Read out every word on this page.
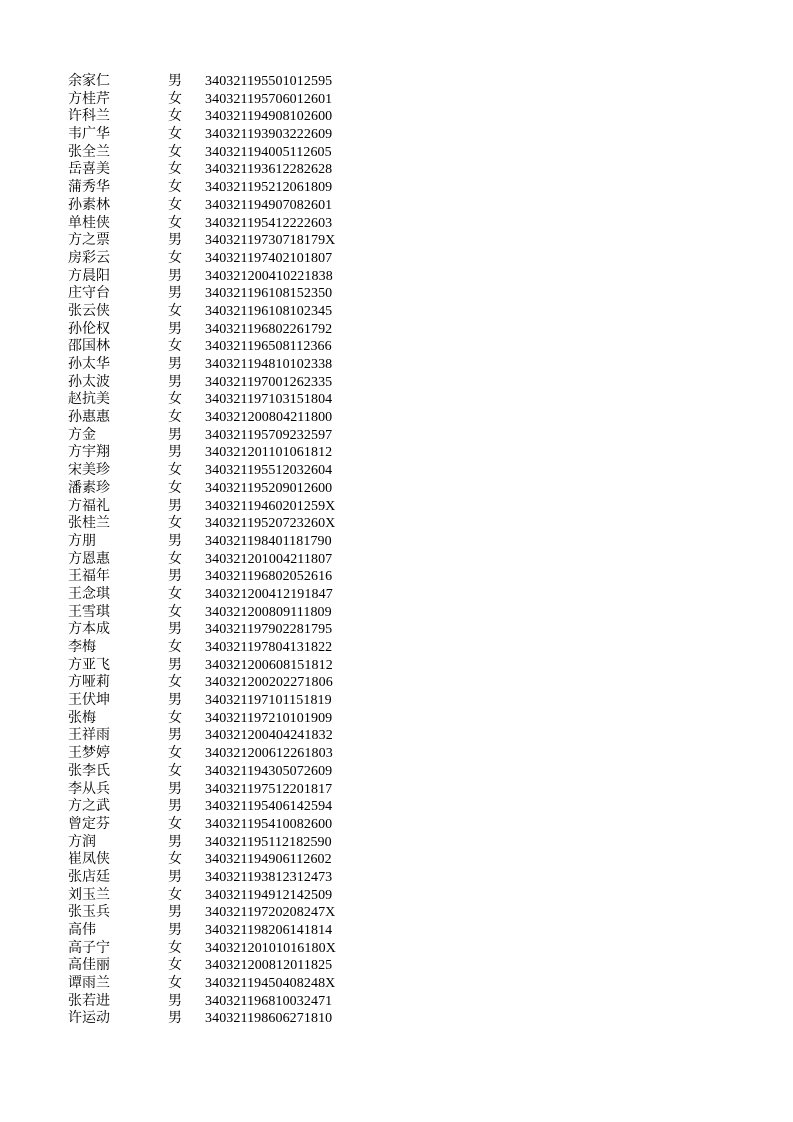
余家仁	男 340321195501012595
方桂芹	女 340321195706012601
许科兰	女 340321194908102600
韦广华	女 340321193903222609
张全兰	女 340321194005112605
岳喜美	女 340321193612282628
蒲秀华	女 340321195212061809
孙素林	女 340321194907082601
单桂侠	女 340321195412222603
方之票	男 34032119730718179X
房彩云	女 340321197402101807
方晨阳	男 340321200410221838
庄守台	男 340321196108152350
张云侠	女 340321196108102345
孙伦权	男 340321196802261792
邵国林	女 340321196508112366
孙太华	男 340321194810102338
孙太波	男 340321197001262335
赵抗美	女 340321197103151804
孙惠惠	女 340321200804211800
方金	男 340321195709232597
方宇翔	男 340321201101061812
宋美珍	女 340321195512032604
潘素珍	女 340321195209012600
方福礼	男 34032119460201259X
张桂兰	女 34032119520723260X
方朋	男 340321198401181790
方恩惠	女 340321201004211807
王福年	男 340321196802052616
王念琪	女 340321200412191847
王雪琪	女 340321200809111809
方本成	男 340321197902281795
李梅	女 340321197804131822
方亚飞	男 340321200608151812
方哑莉	女 340321200202271806
王伏坤	男 340321197101151819
张梅	女 340321197210101909
王祥雨	男 340321200404241832
王梦婷	女 340321200612261803
张李氏	女 340321194305072609
李从兵	男 340321197512201817
方之武	男 340321195406142594
曾定芬	女 340321195410082600
方润	男 340321195112182590
崔凤侠	女 340321194906112602
张店廷	男 340321193812312473
刘玉兰	女 340321194912142509
张玉兵	男 34032119720208247X
高伟	男 340321198206141814
高子宁	女 34032120101016180X
高佳丽	女 340321200812011825
谭雨兰	女 34032119450408248X
张若进	男 340321196810032471
许运动	男 340321198606271810
